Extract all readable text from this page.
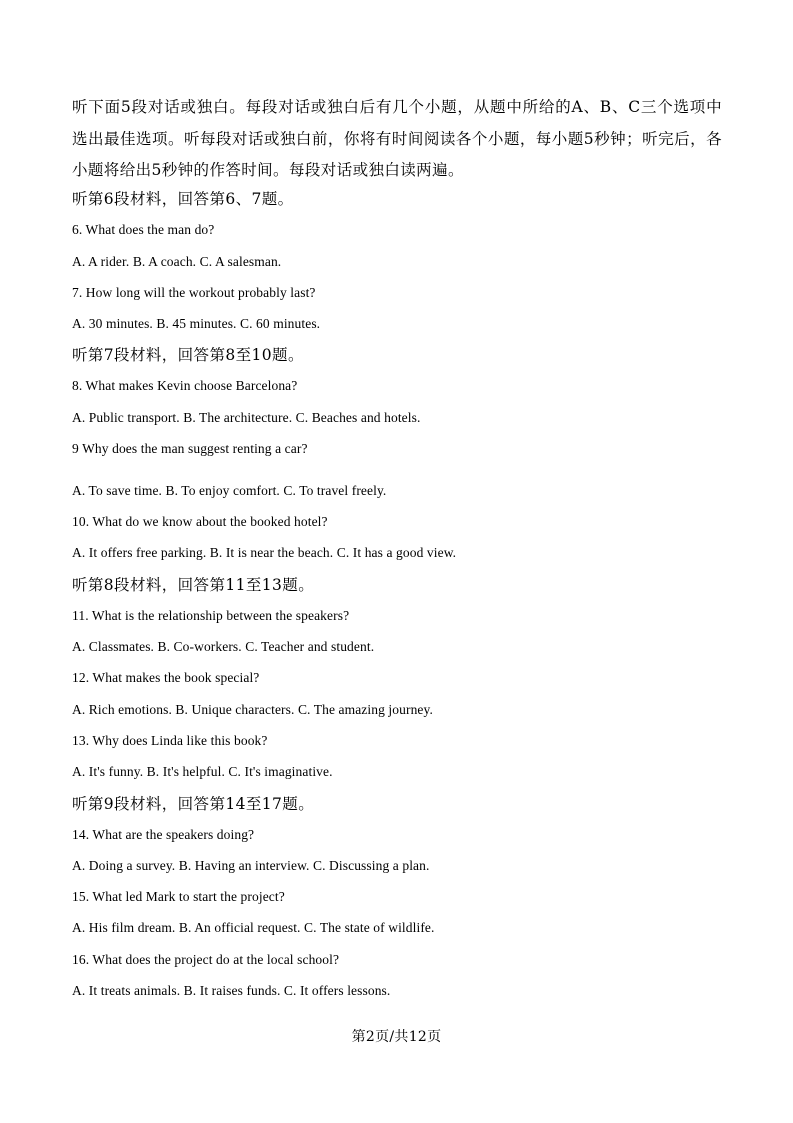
听下面5段对话或独白。每段对话或独白后有几个小题，从题中所给的A、B、C三个选项中选出最佳选项。听每段对话或独白前，你将有时间阅读各个小题，每小题5秒钟；听完后，各小题将给出5秒钟的作答时间。每段对话或独白读两遍。

听第6段材料，回答第6、7题。
6. What does the man do?
A. A rider. B. A coach. C. A salesman.
7. How long will the workout probably last?
A. 30 minutes. B. 45 minutes. C. 60 minutes.
听第7段材料，回答第8至10题。
8. What makes Kevin choose Barcelona?
A. Public transport. B. The architecture. C. Beaches and hotels.
9 Why does the man suggest renting a car?
A. To save time. B. To enjoy comfort. C. To travel freely.
10. What do we know about the booked hotel?
A. It offers free parking. B. It is near the beach. C. It has a good view.
听第8段材料，回答第11至13题。
11. What is the relationship between the speakers?
A. Classmates. B. Co-workers. C. Teacher and student.
12. What makes the book special?
A. Rich emotions. B. Unique characters. C. The amazing journey.
13. Why does Linda like this book?
A. It's funny. B. It's helpful. C. It's imaginative.
听第9段材料，回答第14至17题。
14. What are the speakers doing?
A. Doing a survey. B. Having an interview. C. Discussing a plan.
15. What led Mark to start the project?
A. His film dream. B. An official request. C. The state of wildlife.
16. What does the project do at the local school?
A. It treats animals. B. It raises funds. C. It offers lessons.
第2页/共12页
